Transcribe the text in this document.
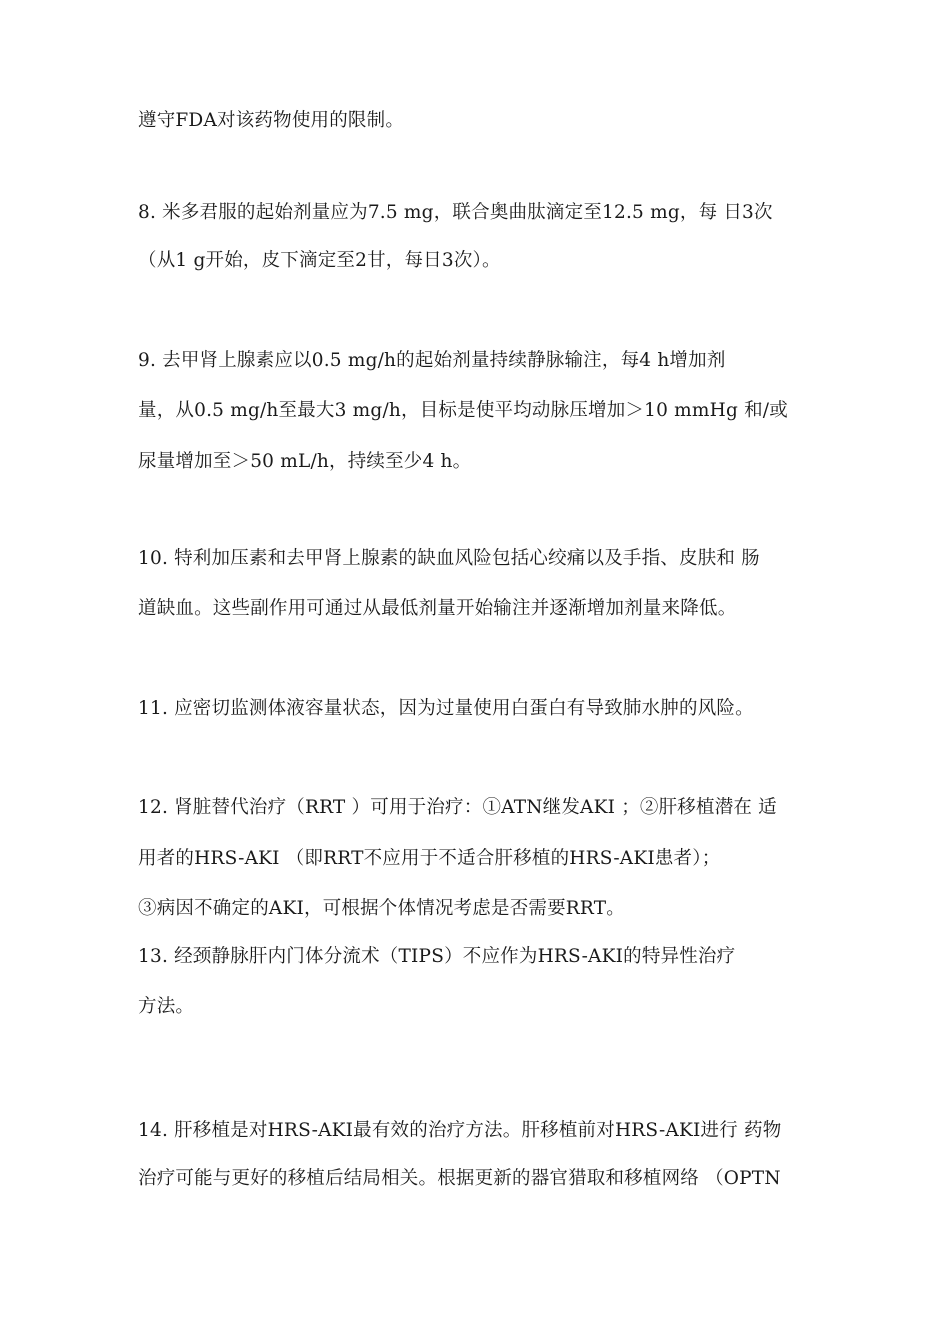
遵守FDA对该药物使用的限制。
8. 米多君服的起始剂量应为7.5 mg，联合奥曲肽滴定至12.5 mg，每 日3次
（从1 g开始，皮下滴定至2甘，每日3次）。
9. 去甲肾上腺素应以0.5 mg/h的起始剂量持续静脉输注，每4 h增加剂
量，从0.5 mg/h至最大3 mg/h，目标是使平均动脉压增加＞10 mmHg 和/或
尿量增加至＞50 mL/h，持续至少4 h。
10. 特利加压素和去甲肾上腺素的缺血风险包括心绞痛以及手指、皮肤和 肠
道缺血。这些副作用可通过从最低剂量开始输注并逐渐增加剂量来降低。
11. 应密切监测体液容量状态，因为过量使用白蛋白有导致肺水肿的风险。
12. 肾脏替代治疗（RRT ）可用于治疗：①ATN继发AKI ；②肝移植潜在 适
用者的HRS-AKI （即RRT不应用于不适合肝移植的HRS-AKI患者）；
③病因不确定的AKI，可根据个体情况考虑是否需要RRT。
13. 经颈静脉肝内门体分流术（TIPS）不应作为HRS-AKI的特异性治疗
方法。
14. 肝移植是对HRS-AKI最有效的治疗方法。肝移植前对HRS-AKI进行 药物
治疗可能与更好的移植后结局相关。根据更新的器官猎取和移植网络 （OPTN
